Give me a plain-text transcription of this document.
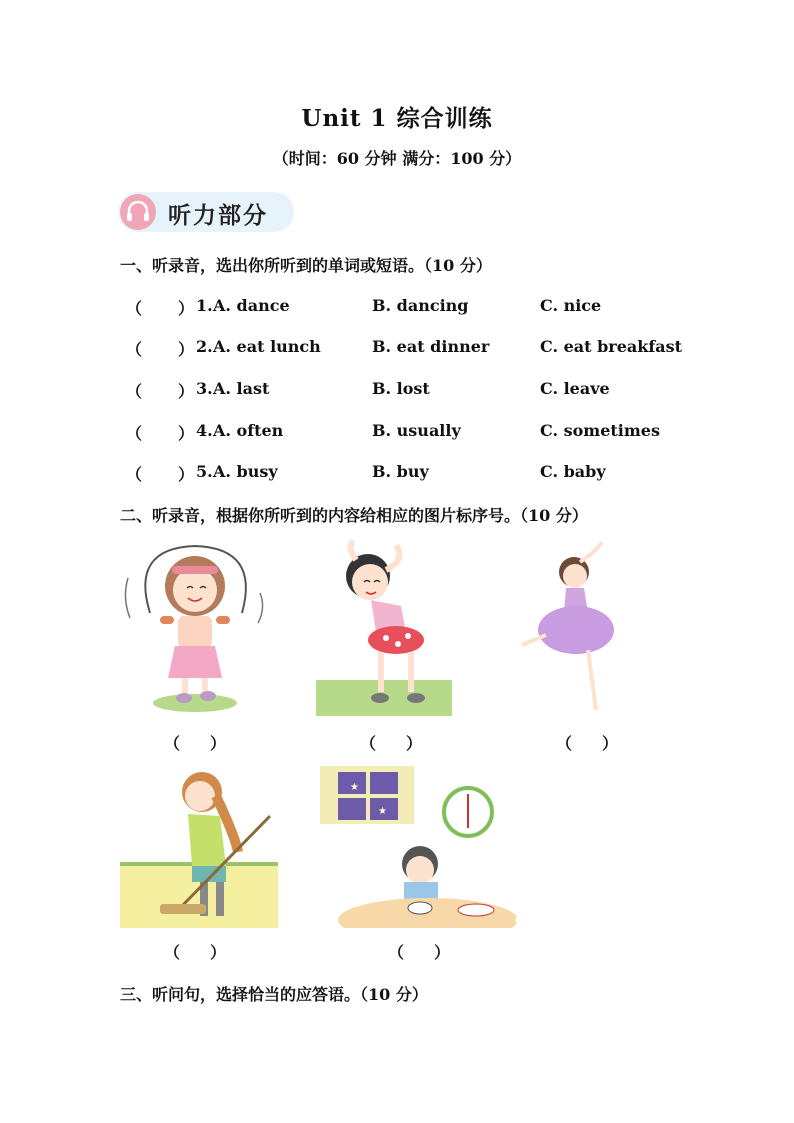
Unit 1 综合训练
（时间：60 分钟 满分：100 分）
听力部分
一、听录音，选出你所听到的单词或短语。（10 分）
（ ） 1. A. dance	B. dancing	C. nice
（ ） 2. A. eat lunch	B. eat dinner	C. eat breakfast
（ ） 3. A. last	B. lost	C. leave
（ ） 4. A. often	B. usually	C. sometimes
（ ） 5. A. busy	B. buy	C. baby
二、听录音，根据你所听到的内容给相应的图片标序号。（10 分）
（ ）	（ ）	（ ）
★
★
（ ）	（ ）
三、听问句，选择恰当的应答语。（10 分）
